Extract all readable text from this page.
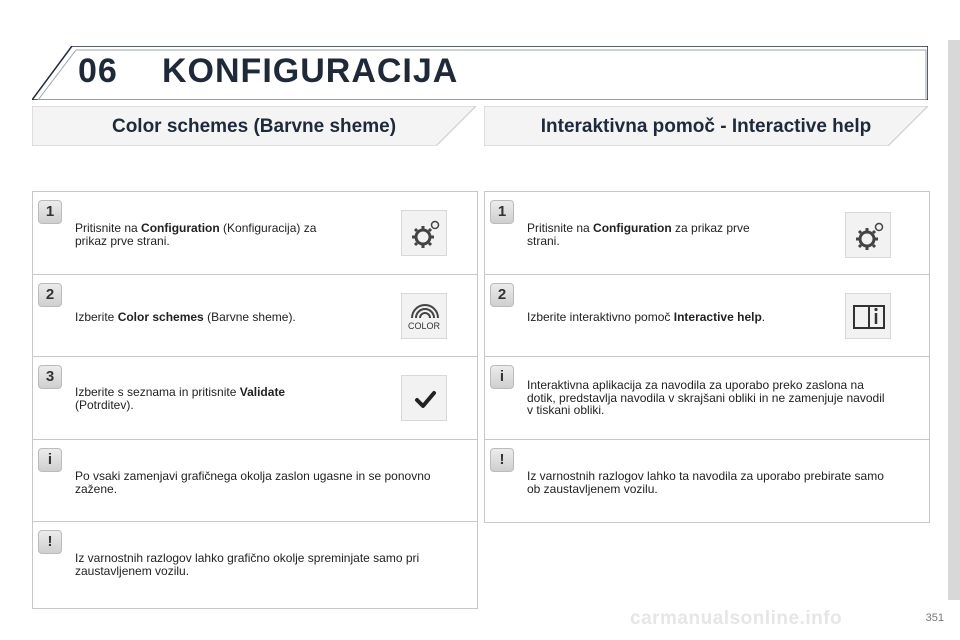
06 KONFIGURACIJA
Color schemes (Barvne sheme)	Interaktivna pomoč - Interactive help
1
Pritisnite na Configuration (Konfiguracija) za
prikaz prve strani.
2
Izberite Color schemes (Barvne sheme).
COLOR
3
Izberite s seznama in pritisnite Validate
(Potrditev).
i
Po vsaki zamenjavi grafičnega okolja zaslon ugasne in se ponovno
zažene.
!
Iz varnostnih razlogov lahko grafično okolje spreminjate samo pri
zaustavljenem vozilu.
1
Pritisnite na Configuration za prikaz prve
strani.
2
Izberite interaktivno pomoč Interactive help.
i	Interaktivna aplikacija za navodila za uporabo preko zaslona na
dotik, predstavlja navodila v skrajšani obliki in ne zamenjuje navodil
v tiskani obliki.
!
Iz varnostnih razlogov lahko ta navodila za uporabo prebirate samo
ob zaustavljenem vozilu.
carmanualsonline.info	351
